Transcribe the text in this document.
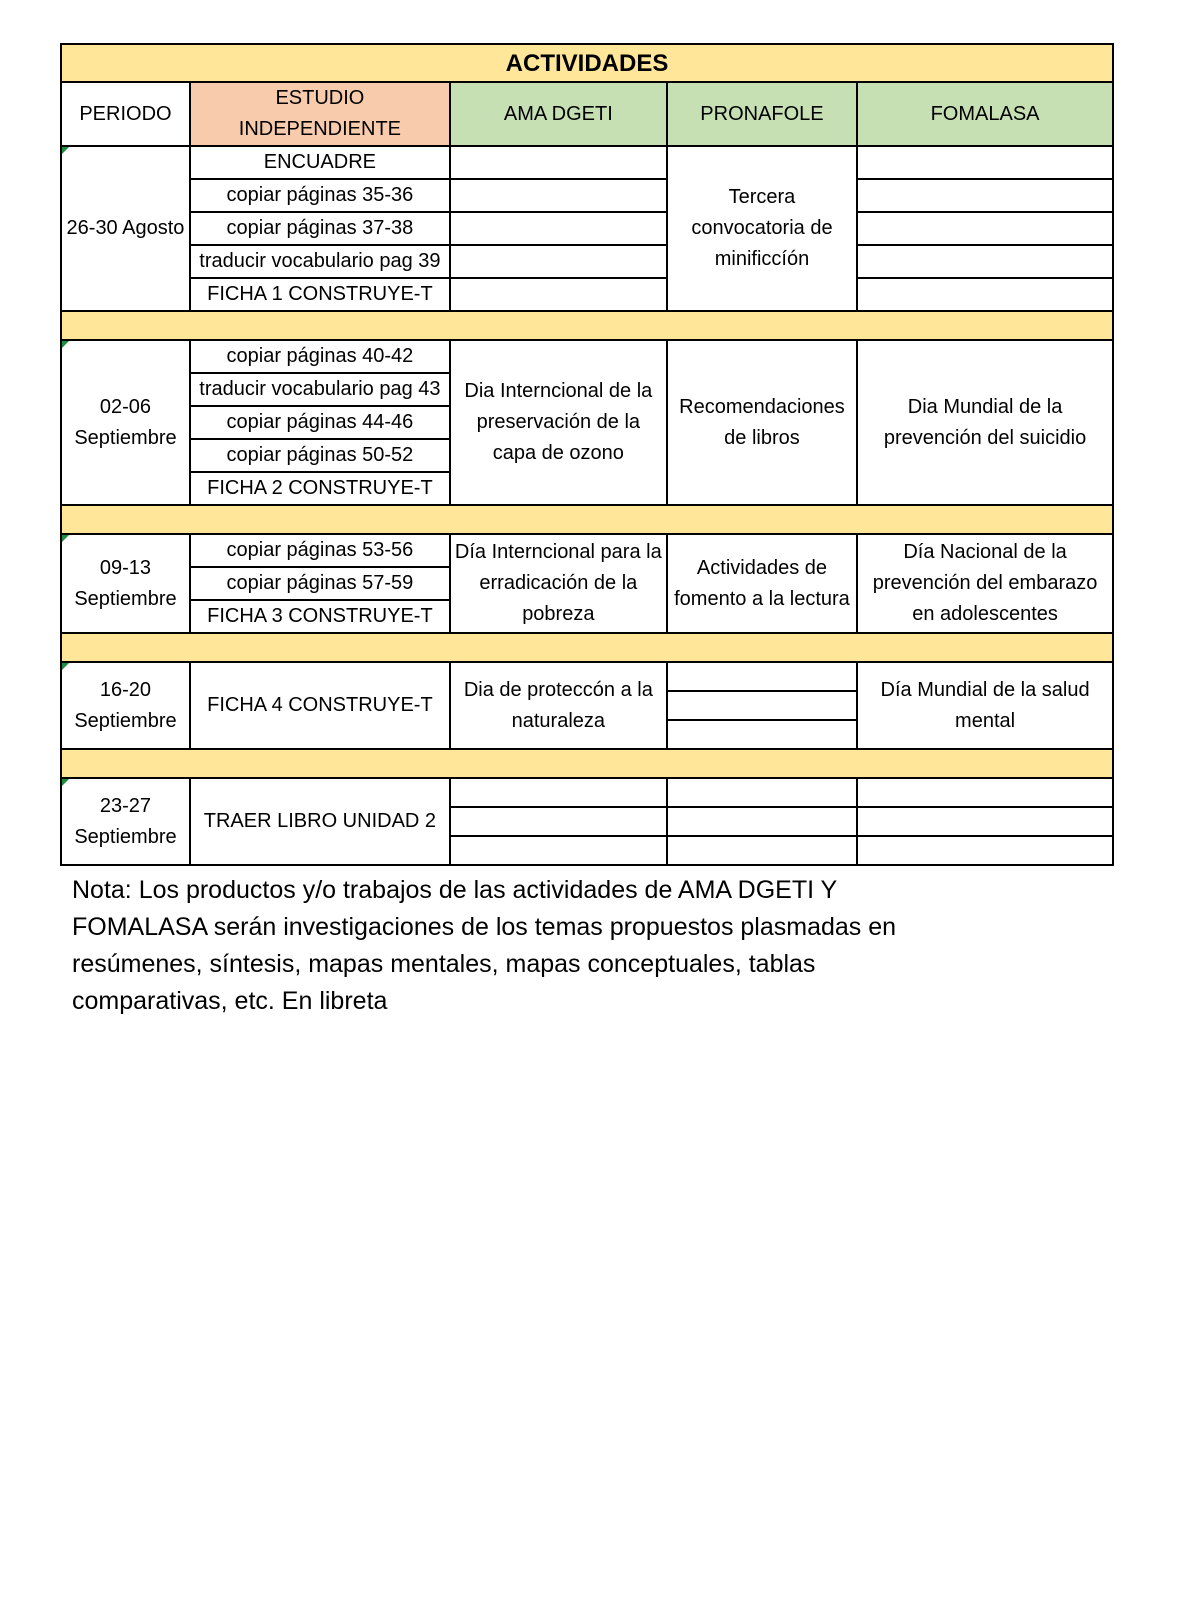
ACTIVIDADES				
PERIODO	ESTUDIO INDEPENDIENTE	AMA DGETI	PRONAFOLE	FOMALASA
26-30 Agosto	ENCUADRE		Tercera convocatoria de minificcíón	
	copiar páginas 35-36			
	copiar páginas 37-38			
	traducir vocabulario pag 39			
	FICHA 1 CONSTRUYE-T			

02-06 Septiembre	copiar páginas 40-42	Dia Interncional de la preservación de la capa de ozono	Recomendaciones de libros	Dia Mundial de la prevención del suicidio
	traducir vocabulario pag 43			
	copiar páginas 44-46			
	copiar páginas 50-52			
	FICHA 2 CONSTRUYE-T			

09-13 Septiembre	copiar páginas 53-56	Día Interncional para la erradicación de la pobreza	Actividades de fomento a la lectura	Día Nacional de la prevención del embarazo en adolescentes
	copiar páginas 57-59			
	FICHA 3 CONSTRUYE-T			

16-20 Septiembre	FICHA 4 CONSTRUYE-T	Dia de proteccón a la naturaleza		Día Mundial de la salud mental

23-27 Septiembre	TRAER LIBRO UNIDAD 2			

Nota: Los productos y/o trabajos de las actividades de AMA DGETI Y FOMALASA serán investigaciones de los temas propuestos plasmadas en resúmenes, síntesis, mapas mentales, mapas conceptuales, tablas comparativas, etc. En libreta
